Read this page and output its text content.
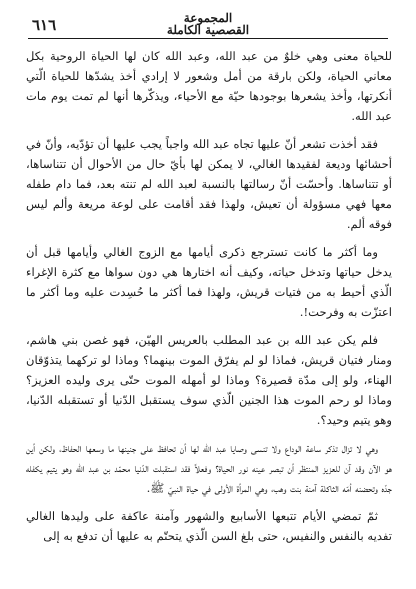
المجموعة
القصصية الكاملة
٦١٦

للحياة معنى وهي خلوٌ من عبد الله، وعبد الله كان لها الحياة الروحية بكل معاني الحياة، ولكن بارقة من أمل وشعور لا إرادي أخذ يشدّها للحياة الّتي أنكرتها، وأخذ يشعرها بوجودها حيّة مع الأحياء، ويذكّرها أنها لم تمت يوم مات عبد الله.

فقد أخذت تشعر أنّ عليها تجاه عبد الله واجباً يجب عليها أن تؤدّيه، وأنّ في أحشائها وديعة لفقيدها الغالي، لا يمكن لها بأيّ حال من الأحوال أن تتناساها، أو تتناساها. وأحسّت أنّ رسالتها بالنسبة لعبد الله لم تنته بعد، فما دام طفله معها فهي مسؤولة أن تعيش، ولهذا فقد أقامت على لوعة مريعة وألم ليس فوقه ألم.

وما أكثر ما كانت تسترجع ذكرى أيامها مع الزوج الغالي وأيامها قبل أن يدخل حياتها وتدخل حياته، وكيف أنه اختارها هي دون سواها مع كثرة الإغراء الّذي أحيط به من فتيات قريش، ولهذا فما أكثر ما حُسِدت عليه وما أكثر ما اعتزّت به وفرحت!.

فلم يكن عبد الله بن عبد المطلب بالعريس الهيّن، فهو غصن بني هاشم، ومنار فتيان قريش، فماذا لو لم يفرّق الموت بينهما؟ وماذا لو تركهما يتذوّقان الهناء، ولو إلى مدّة قصيرة؟ وماذا لو أمهله الموت حتّى يرى وليده العزيز؟ وماذا لو رحم الموت هذا الجنين الّذي سوف يستقبل الدّنيا أو تستقبله الدّنيا، وهو يتيم وحيد؟.

وهي لا تزال تذكر ساعة الوداع ولا تنسى وصايا عبد الله لها أن تحافظ على جنينها ما وسعها الحفاظ، ولكن أين هو الآن وقد آن للعزيز المنتظر أن تبصر عينه نور الحياة؟ وفعلاً فقد استقبلت الدّنيا محمّد بن عبد الله وهو يتيم يكفله جدّه وتحضنه أمّه الثاكلة آمنة بنت وهب، وهي المرأة الأولى في حياة النبيّ ﷺ.

ثمّ تمضي الأيام تتبعها الأسابيع والشهور وآمنة عاكفة على وليدها الغالي تفديه بالنفس والنفيس، حتى بلغ السن الّذي يتحتّم به عليها أن تدفع به إلى
